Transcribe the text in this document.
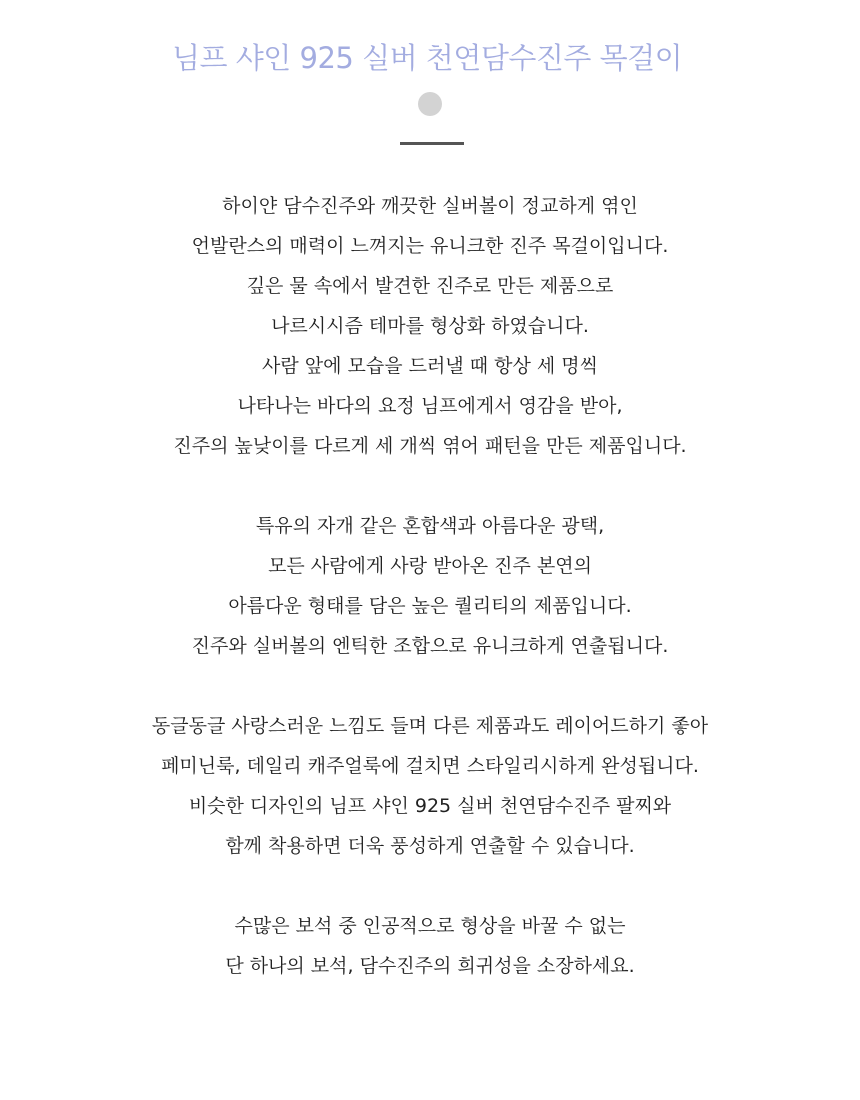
님프 샤인 925 실버 천연담수진주 목걸이

하이얀 담수진주와 깨끗한 실버볼이 정교하게 엮인
언발란스의 매력이 느껴지는 유니크한 진주 목걸이입니다.
깊은 물 속에서 발견한 진주로 만든 제품으로
나르시시즘 테마를 형상화 하였습니다.
사람 앞에 모습을 드러낼 때 항상 세 명씩
나타나는 바다의 요정 님프에게서 영감을 받아,
진주의 높낮이를 다르게 세 개씩 엮어 패턴을 만든 제품입니다.

특유의 자개 같은 혼합색과 아름다운 광택,
모든 사람에게 사랑 받아온 진주 본연의
아름다운 형태를 담은 높은 퀄리티의 제품입니다.
진주와 실버볼의 엔틱한 조합으로 유니크하게 연출됩니다.

동글동글 사랑스러운 느낌도 들며 다른 제품과도 레이어드하기 좋아
페미닌룩, 데일리 캐주얼룩에 걸치면 스타일리시하게 완성됩니다.
비슷한 디자인의 님프 샤인 925 실버 천연담수진주 팔찌와
함께 착용하면 더욱 풍성하게 연출할 수 있습니다.

수많은 보석 중 인공적으로 형상을 바꿀 수 없는
단 하나의 보석, 담수진주의 희귀성을 소장하세요.
